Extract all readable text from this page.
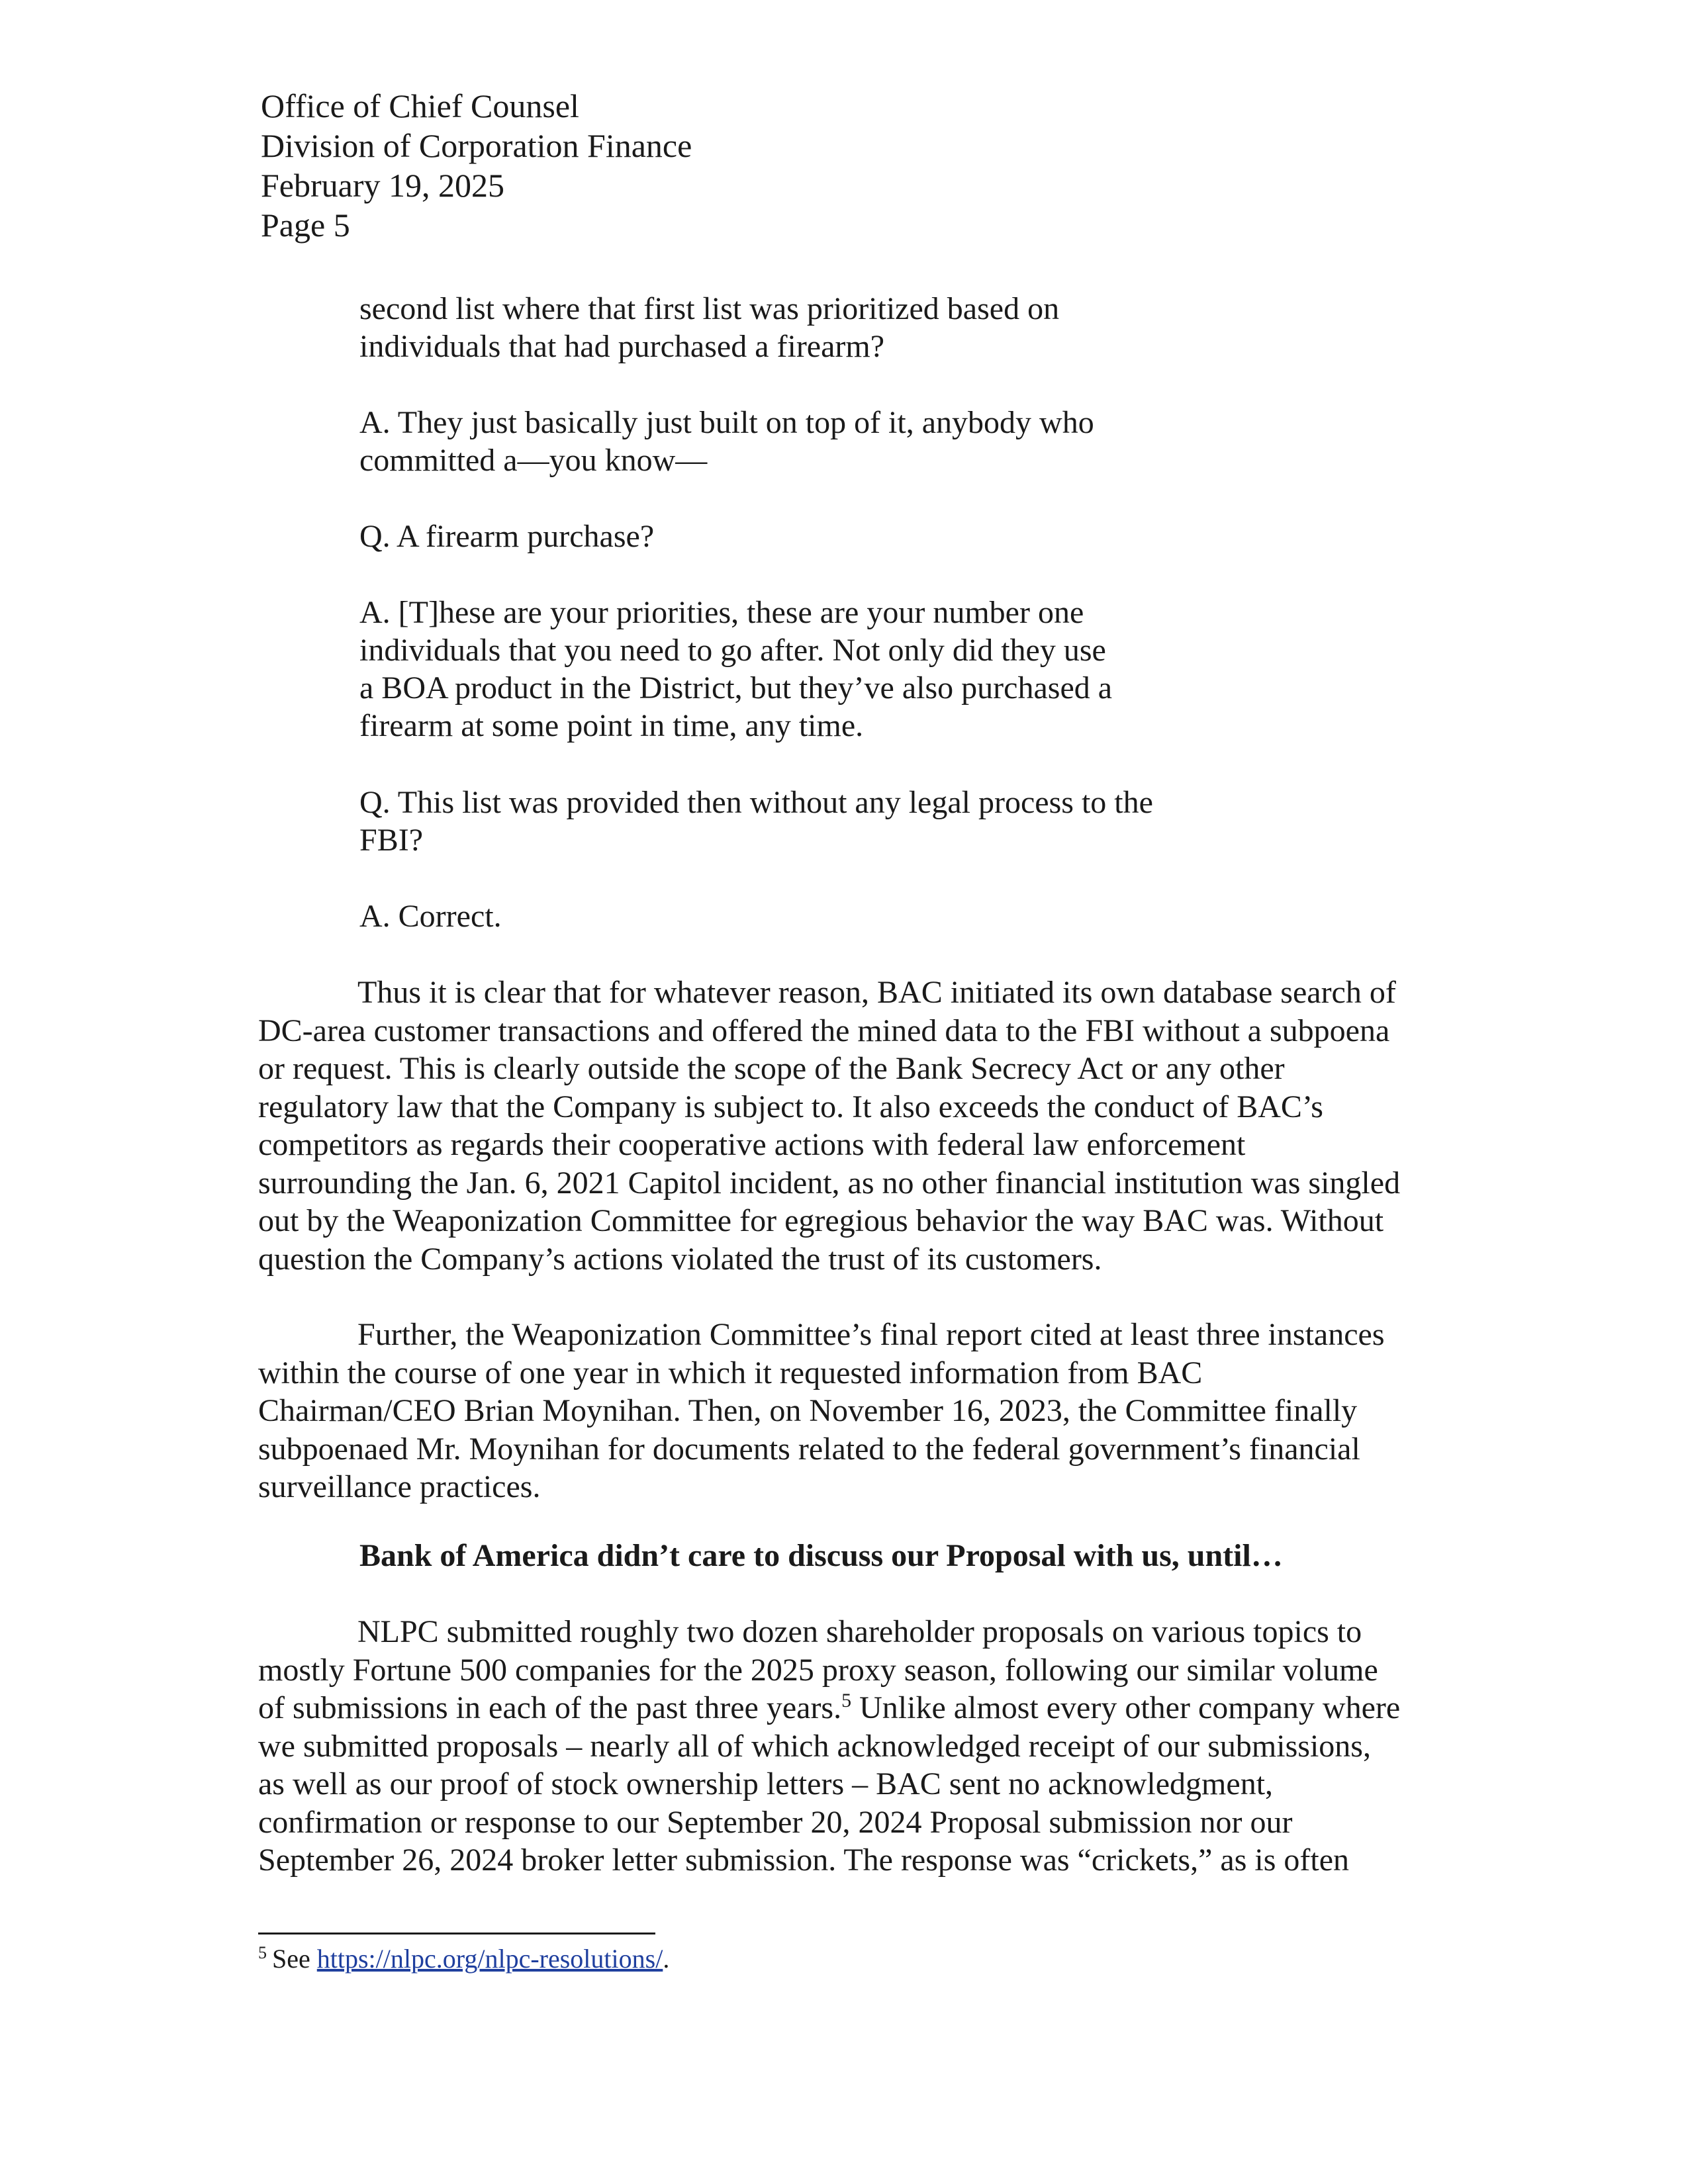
Office of Chief Counsel
Division of Corporation Finance
February 19, 2025
Page 5

second list where that first list was prioritized based on

individuals that had purchased a firearm?

A. They just basically just built on top of it, anybody who

committed a—you know—

Q. A firearm purchase?

A. [T]hese are your priorities, these are your number one

individuals that you need to go after. Not only did they use

a BOA product in the District, but they’ve also purchased a

firearm at some point in time, any time.

Q. This list was provided then without any legal process to the

FBI?

A. Correct.

Thus it is clear that for whatever reason, BAC initiated its own database search of
DC-area customer transactions and offered the mined data to the FBI without a subpoena
or request. This is clearly outside the scope of the Bank Secrecy Act or any other
regulatory law that the Company is subject to. It also exceeds the conduct of BAC’s
competitors as regards their cooperative actions with federal law enforcement
surrounding the Jan. 6, 2021 Capitol incident, as no other financial institution was singled
out by the Weaponization Committee for egregious behavior the way BAC was. Without
question the Company’s actions violated the trust of its customers.
Further, the Weaponization Committee’s final report cited at least three instances
within the course of one year in which it requested information from BAC
Chairman/CEO Brian Moynihan. Then, on November 16, 2023, the Committee finally
subpoenaed Mr. Moynihan for documents related to the federal government’s financial
surveillance practices.
Bank of America didn’t care to discuss our Proposal with us, until…
NLPC submitted roughly two dozen shareholder proposals on various topics to
mostly Fortune 500 companies for the 2025 proxy season, following our similar volume
of submissions in each of the past three years.$^5$ Unlike almost every other company where
we submitted proposals – nearly all of which acknowledged receipt of our submissions,
as well as our proof of stock ownership letters – BAC sent no acknowledgment,
confirmation or response to our September 20, 2024 Proposal submission nor our
September 26, 2024 broker letter submission. The response was “crickets,” as is often
$^5$ See https://nlpc.org/nlpc-resolutions/.
